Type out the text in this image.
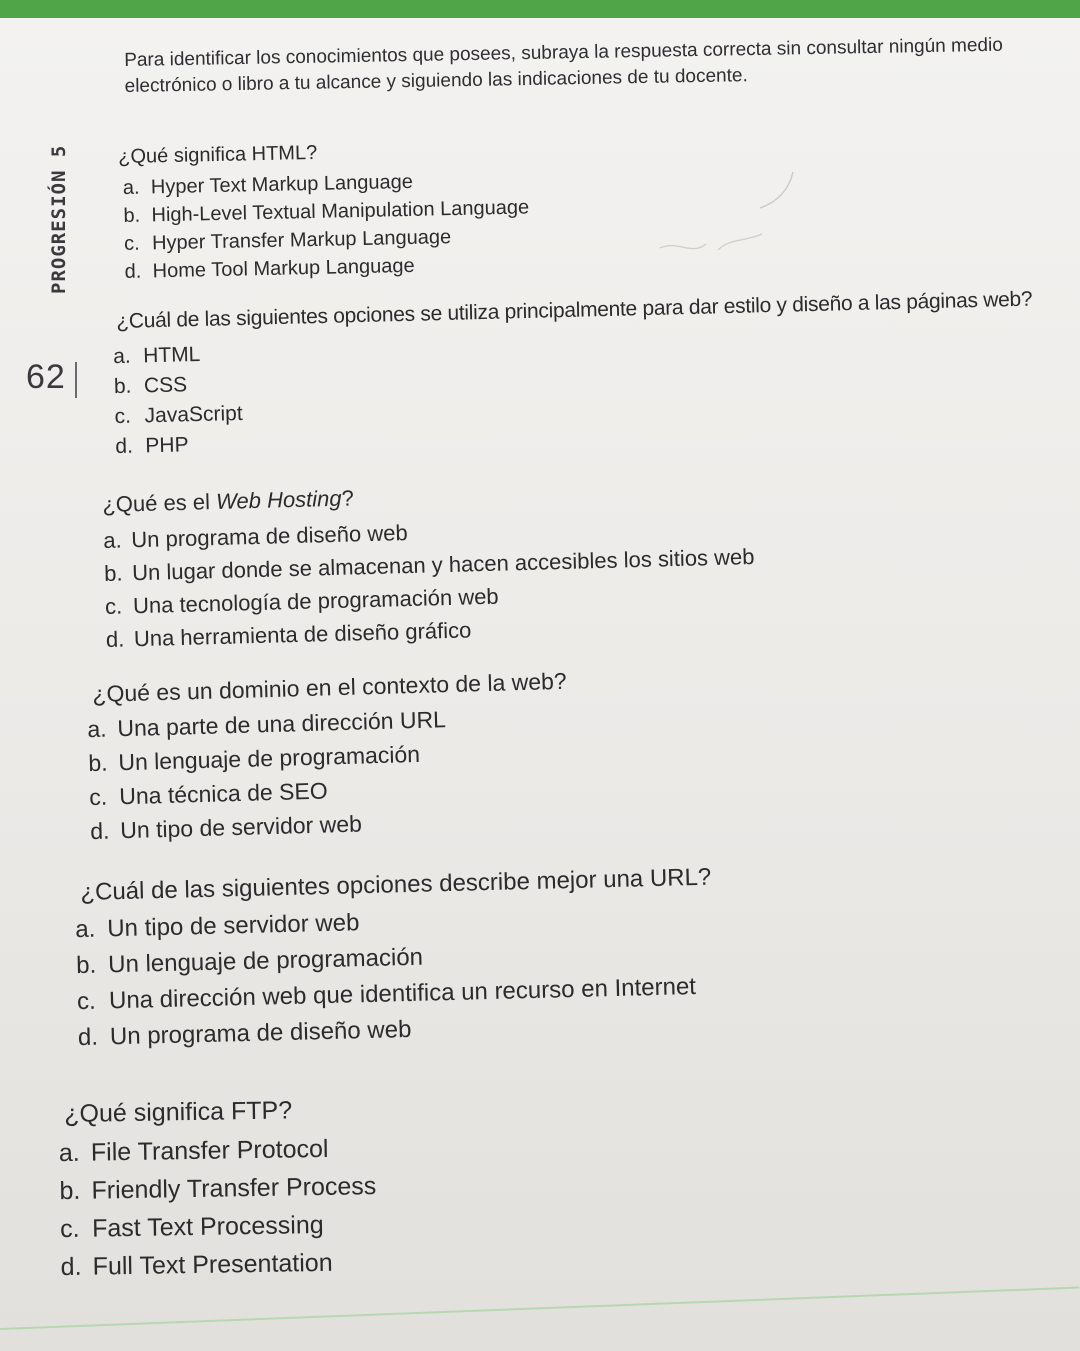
Para identificar los conocimientos que posees, subraya la respuesta correcta sin consultar ningún medio electrónico o libro a tu alcance y siguiendo las indicaciones de tu docente.
PROGRESIÓN 5
62
¿Qué significa HTML?
a. Hyper Text Markup Language
b. High-Level Textual Manipulation Language
c. Hyper Transfer Markup Language
d. Home Tool Markup Language
¿Cuál de las siguientes opciones se utiliza principalmente para dar estilo y diseño a las páginas web?
a. HTML
b. CSS
c. JavaScript
d. PHP
¿Qué es el Web Hosting?
a. Un programa de diseño web
b. Un lugar donde se almacenan y hacen accesibles los sitios web
c. Una tecnología de programación web
d. Una herramienta de diseño gráfico
¿Qué es un dominio en el contexto de la web?
a. Una parte de una dirección URL
b. Un lenguaje de programación
c. Una técnica de SEO
d. Un tipo de servidor web
¿Cuál de las siguientes opciones describe mejor una URL?
a. Un tipo de servidor web
b. Un lenguaje de programación
c. Una dirección web que identifica un recurso en Internet
d. Un programa de diseño web
¿Qué significa FTP?
a. File Transfer Protocol
b. Friendly Transfer Process
c. Fast Text Processing
d. Full Text Presentation
